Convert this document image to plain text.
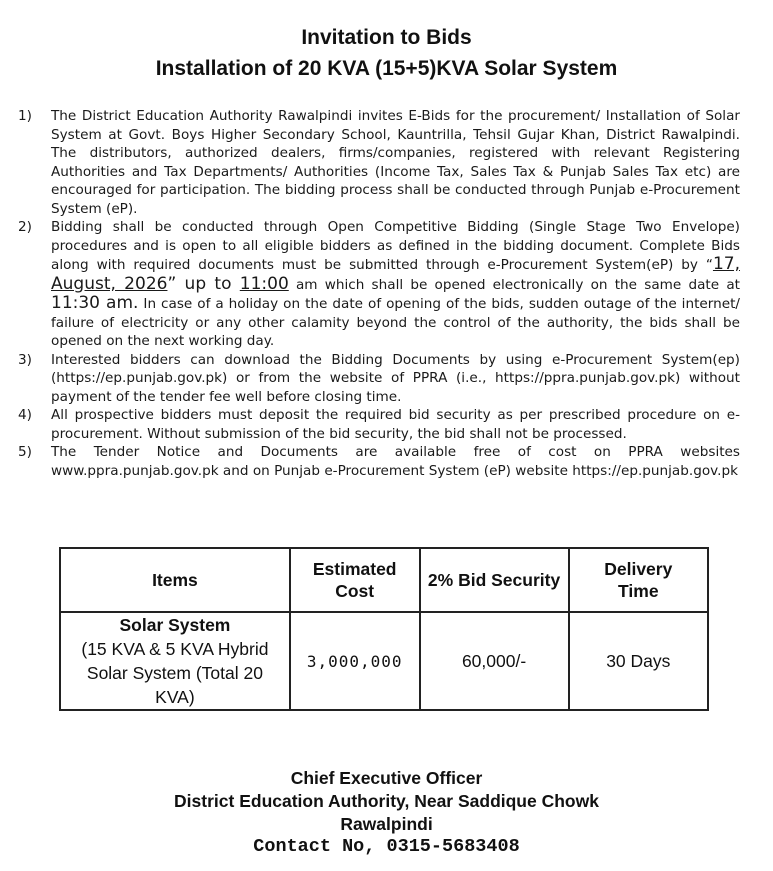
Invitation to Bids
Installation of 20 KVA (15+5)KVA Solar System
1) The District Education Authority Rawalpindi invites E-Bids for the procurement/ Installation of Solar System at Govt. Boys Higher Secondary School, Kauntrilla, Tehsil Gujar Khan, District Rawalpindi. The distributors, authorized dealers, firms/companies, registered with relevant Registering Authorities and Tax Departments/ Authorities (Income Tax, Sales Tax & Punjab Sales Tax etc) are encouraged for participation. The bidding process shall be conducted through Punjab e-Procurement System (eP).
2) Bidding shall be conducted through Open Competitive Bidding (Single Stage Two Envelope) procedures and is open to all eligible bidders as defined in the bidding document. Complete Bids along with required documents must be submitted through e-Procurement System(eP) by “17, August, 2026” up to 11:00 am which shall be opened electronically on the same date at 11:30 am. In case of a holiday on the date of opening of the bids, sudden outage of the internet/ failure of electricity or any other calamity beyond the control of the authority, the bids shall be opened on the next working day.
3) Interested bidders can download the Bidding Documents by using e-Procurement System(ep)(https://ep.punjab.gov.pk) or from the website of PPRA (i.e., https://ppra.punjab.gov.pk) without payment of the tender fee well before closing time.
4) All prospective bidders must deposit the required bid security as per prescribed procedure on e-procurement. Without submission of the bid security, the bid shall not be processed.
5) The Tender Notice and Documents are available free of cost on PPRA websites www.ppra.punjab.gov.pk and on Punjab e-Procurement System (eP) website https://ep.punjab.gov.pk
Items	Estimated Cost	2% Bid Security	Delivery Time

Solar System
(15 KVA & 5 KVA Hybrid Solar System (Total 20 KVA)	3,000,000	60,000/-	30 Days
Chief Executive Officer
District Education Authority, Near Saddique Chowk
Rawalpindi
Contact No, 0315-5683408
